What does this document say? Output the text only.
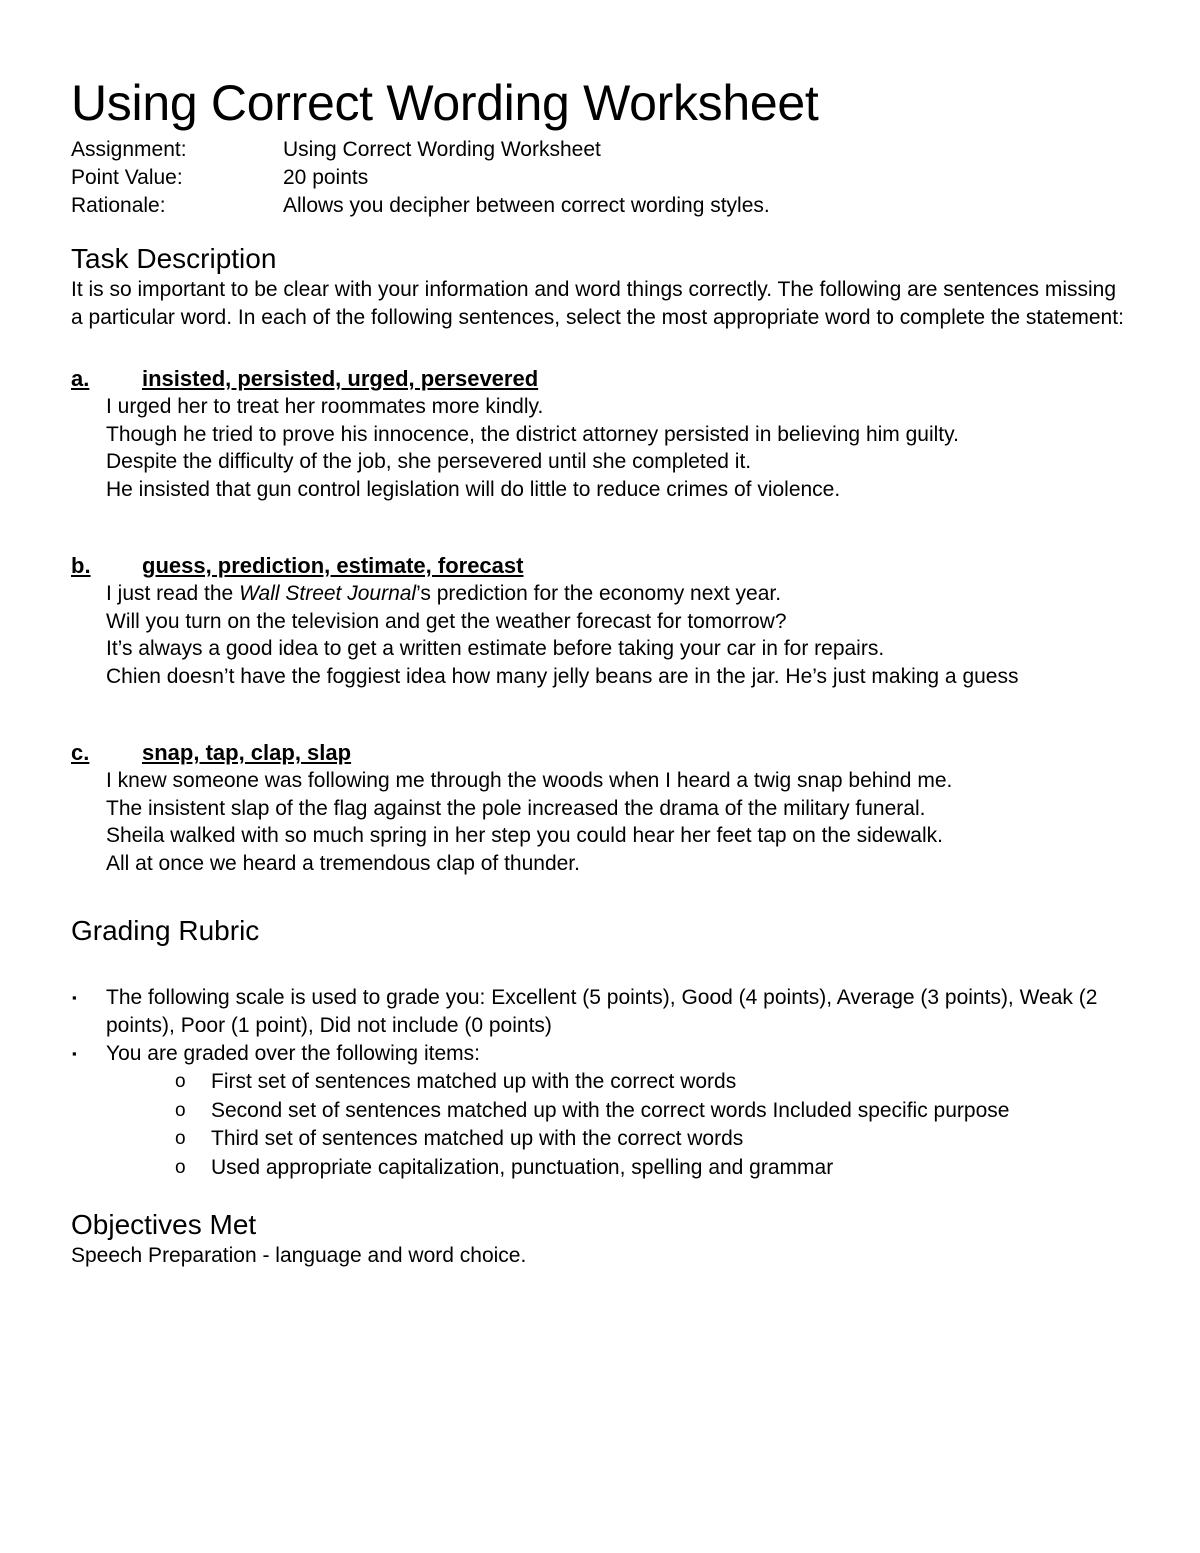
Using Correct Wording Worksheet
Assignment:	Using Correct Wording Worksheet
Point Value:	20 points
Rationale:	Allows you decipher between correct wording styles.
Task Description
It is so important to be clear with your information and word things correctly. The following are sentences missing a particular word. In each of the following sentences, select the most appropriate word to complete the statement:
a.	insisted, persisted, urged, persevered
I urged her to treat her roommates more kindly.
Though he tried to prove his innocence, the district attorney persisted in believing him guilty.
Despite the difficulty of the job, she persevered until she completed it.
He insisted that gun control legislation will do little to reduce crimes of violence.
b.	guess, prediction, estimate, forecast
I just read the Wall Street Journal’s prediction for the economy next year.
Will you turn on the television and get the weather forecast for tomorrow?
It’s always a good idea to get a written estimate before taking your car in for repairs.
Chien doesn’t have the foggiest idea how many jelly beans are in the jar. He’s just making a guess
c.	snap, tap, clap, slap
I knew someone was following me through the woods when I heard a twig snap behind me.
The insistent slap of the flag against the pole increased the drama of the military funeral.
Sheila walked with so much spring in her step you could hear her feet tap on the sidewalk.
All at once we heard a tremendous clap of thunder.
Grading Rubric
▪	The following scale is used to grade you: Excellent (5 points), Good (4 points), Average (3 points), Weak (2 points), Poor (1 point), Did not include (0 points)
▪	You are graded over the following items:
o	First set of sentences matched up with the correct words
o	Second set of sentences matched up with the correct words Included specific purpose
o	Third set of sentences matched up with the correct words
o	Used appropriate capitalization, punctuation, spelling and grammar
Objectives Met
Speech Preparation - language and word choice.
